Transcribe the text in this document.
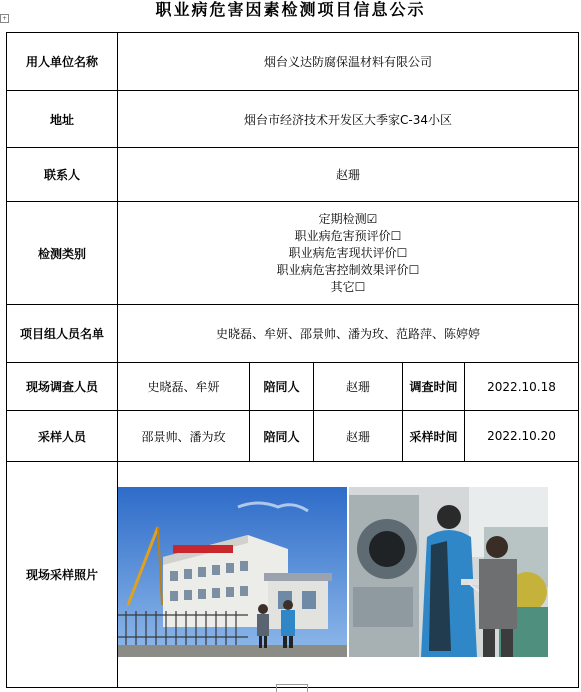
职业病危害因素检测项目信息公示
+
用人单位名称	烟台义达防腐保温材料有限公司				
地址	烟台市经济技术开发区大季家C-34小区				
联系人	赵珊				
检测类别	定期检测☑
职业病危害预评价☐
职业病危害现状评价☐
职业病危害控制效果评价☐
其它☐				

项目组人员名单	史晓磊、牟妍、邵景帅、潘为玫、范路萍、陈婷婷				
现场调查人员	史晓磊、牟妍	陪同人	赵珊	调查时间	2022.10.18
采样人员	邵景帅、潘为玫	陪同人	赵珊	采样时间	2022.10.20
现场采样照片	
